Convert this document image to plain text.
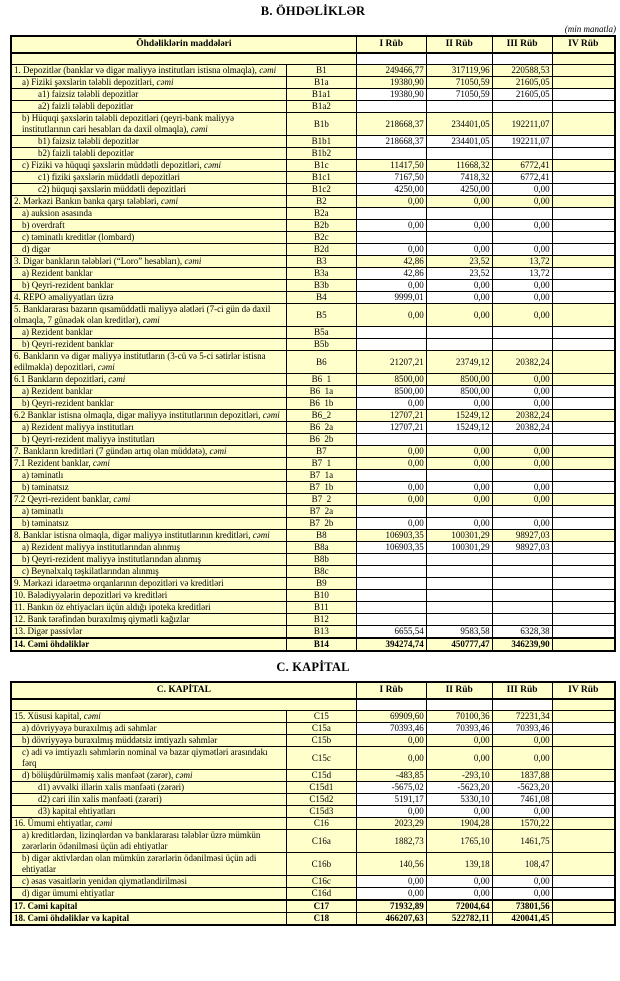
B. ÖHDƏLİKLƏR
(min manatla)
Öhdəliklərin maddələri		I Rüb	II Rüb	III Rüb	IV Rüb

1. Depozitlər (banklar və digər maliyyə institutları istisna olmaqla), cəmi	B1	249466,77	317119,96	220588,53	
a) Fiziki şəxslərin tələbli depozitləri, cəmi	B1a	19380,90	71050,59	21605,05	
a1) faizsiz tələbli depozitlər	B1a1	19380,90	71050,59	21605,05	
a2) faizli tələbli depozitlər	B1a2				
b) Hüquqi şəxslərin tələbli depozitləri (qeyri-bank maliyyə institutlarının cari hesabları da daxil olmaqla), cəmi	B1b	218668,37	234401,05	192211,07	
b1) faizsiz tələbli depozitlər	B1b1	218668,37	234401,05	192211,07	
b2) faizli tələbli depozitlər	B1b2				
c) Fiziki və hüquqi şəxslərin müddətli depozitləri, cəmi	B1c	11417,50	11668,32	6772,41	
c1) fiziki şəxslərin müddətli depozitləri	B1c1	7167,50	7418,32	6772,41	
c2) hüquqi şəxslərin müddətli depozitləri	B1c2	4250,00	4250,00	0,00	
2. Mərkəzi Bankın banka qarşı tələbləri, cəmi	B2	0,00	0,00	0,00	
a) auksion əsasında	B2a				
b) overdraft	B2b	0,00	0,00	0,00	
c) təminatlı kreditlər (lombard)	B2c				
d) digər	B2d	0,00	0,00	0,00	
3. Digər bankların tələbləri (“Loro” hesabları), cəmi	B3	42,86	23,52	13,72	
a) Rezident banklar	B3a	42,86	23,52	13,72	
b) Qeyri-rezident banklar	B3b	0,00	0,00	0,00	
4. REPO əməliyyatları üzrə	B4	9999,01	0,00	0,00	
5. Banklararası bazarın qısamüddətli maliyyə alətləri (7-ci gün də daxil olmaqla, 7 günədək olan kreditlər), cəmi	B5	0,00	0,00	0,00	
a) Rezident banklar	B5a				
b) Qeyri-rezident banklar	B5b				
6. Bankların və digər maliyyə institutların (3-cü və 5-ci sətirlər istisna edilməklə) depozitləri, cəmi	B6	21207,21	23749,12	20382,24	
6.1 Bankların depozitləri, cəmi	B6  1	8500,00	8500,00	0,00	
a) Rezident banklar	B6  1a	8500,00	8500,00	0,00	
b) Qeyri-rezident banklar	B6  1b	0,00	0,00	0,00	
6.2 Banklar istisna olmaqla, digər maliyyə institutlarının depozitləri, cəmi	B6_2	12707,21	15249,12	20382,24	
a) Rezident maliyyə institutları	B6  2a	12707,21	15249,12	20382,24	
b) Qeyri-rezident maliyyə institutları	B6  2b				
7. Bankların kreditləri (7 gündən artıq olan müddətə), cəmi	B7	0,00	0,00	0,00	
7.1 Rezident banklar, cəmi	B7  1	0,00	0,00	0,00	
a) təminatlı	B7  1a				
b) təminatsız	B7  1b	0,00	0,00	0,00	
7.2 Qeyri-rezident banklar, cəmi	B7  2	0,00	0,00	0,00	
a) təminatlı	B7  2a				
b) təminatsız	B7  2b	0,00	0,00	0,00	
8. Banklar istisna olmaqla, digər maliyyə institutlarının kreditləri, cəmi	B8	106903,35	100301,29	98927,03	
a) Rezident maliyyə institutlarından alınmış	B8a	106903,35	100301,29	98927,03	
b) Qeyri-rezident maliyyə institutlarından alınmış	B8b				
c) Beynəlxalq təşkilatlarından alınmış	B8c				
9. Mərkəzi idarəetmə orqanlarının depozitləri və kreditləri	B9				
10. Bələdiyyələrin depozitləri və kreditləri	B10				
11. Bankın öz ehtiyacları üçün aldığı ipoteka kreditləri	B11				
12. Bank tərəfindən buraxılmış qiymətli kağızlar	B12				
13. Digər passivlər	B13	6655,54	9583,58	6328,38	
14. Cəmi öhdəliklər	B14	394274,74	450777,47	346239,90	
C. KAPİTAL
C. KAPİTAL		I Rüb	II Rüb	III Rüb	IV Rüb

15. Xüsusi kapital, cəmi	C15	69909,60	70100,36	72231,34	
a) dövriyyəyə buraxılmış adi səhmlər	C15a	70393,46	70393,46	70393,46	
b) dövriyyəyə buraxılmış müddətsiz imtiyazlı səhmlər	C15b	0,00	0,00	0,00	
c) adi və imtiyazlı səhmlərin nominal və bazar qiymətləri arasındakı fərq	C15c	0,00	0,00	0,00	
d) bölüşdürülməmiş xalis mənfəət (zərər), cəmi	C15d	-483,85	-293,10	1837,88	
d1) əvvəlki illərin xalis mənfəəti (zərəri)	C15d1	-5675,02	-5623,20	-5623,20	
d2) cari ilin xalis mənfəəti (zərəri)	C15d2	5191,17	5330,10	7461,08	
d3) kapital ehtiyatları	C15d3	0,00	0,00	0,00	
16. Ümumi ehtiyatlar, cəmi	C16	2023,29	1904,28	1570,22	
a) kreditlərdən, lizinqlərdən və banklararası tələblər üzrə mümkün zərərlərin ödənilməsi üçün adi ehtiyatlar	C16a	1882,73	1765,10	1461,75	
b) digər aktivlərdən olan mümkün zərərlərin ödənilməsi üçün adi ehtiyatlar	C16b	140,56	139,18	108,47	
c) əsas vəsaitlərin yenidən qiymətləndirilməsi	C16c	0,00	0,00	0,00	
d) digər ümumi ehtiyatlar	C16d	0,00	0,00	0,00	
17. Cəmi kapital	C17	71932,89	72004,64	73801,56	
18. Cəmi öhdəliklər və kapital	C18	466207,63	522782,11	420041,45	
